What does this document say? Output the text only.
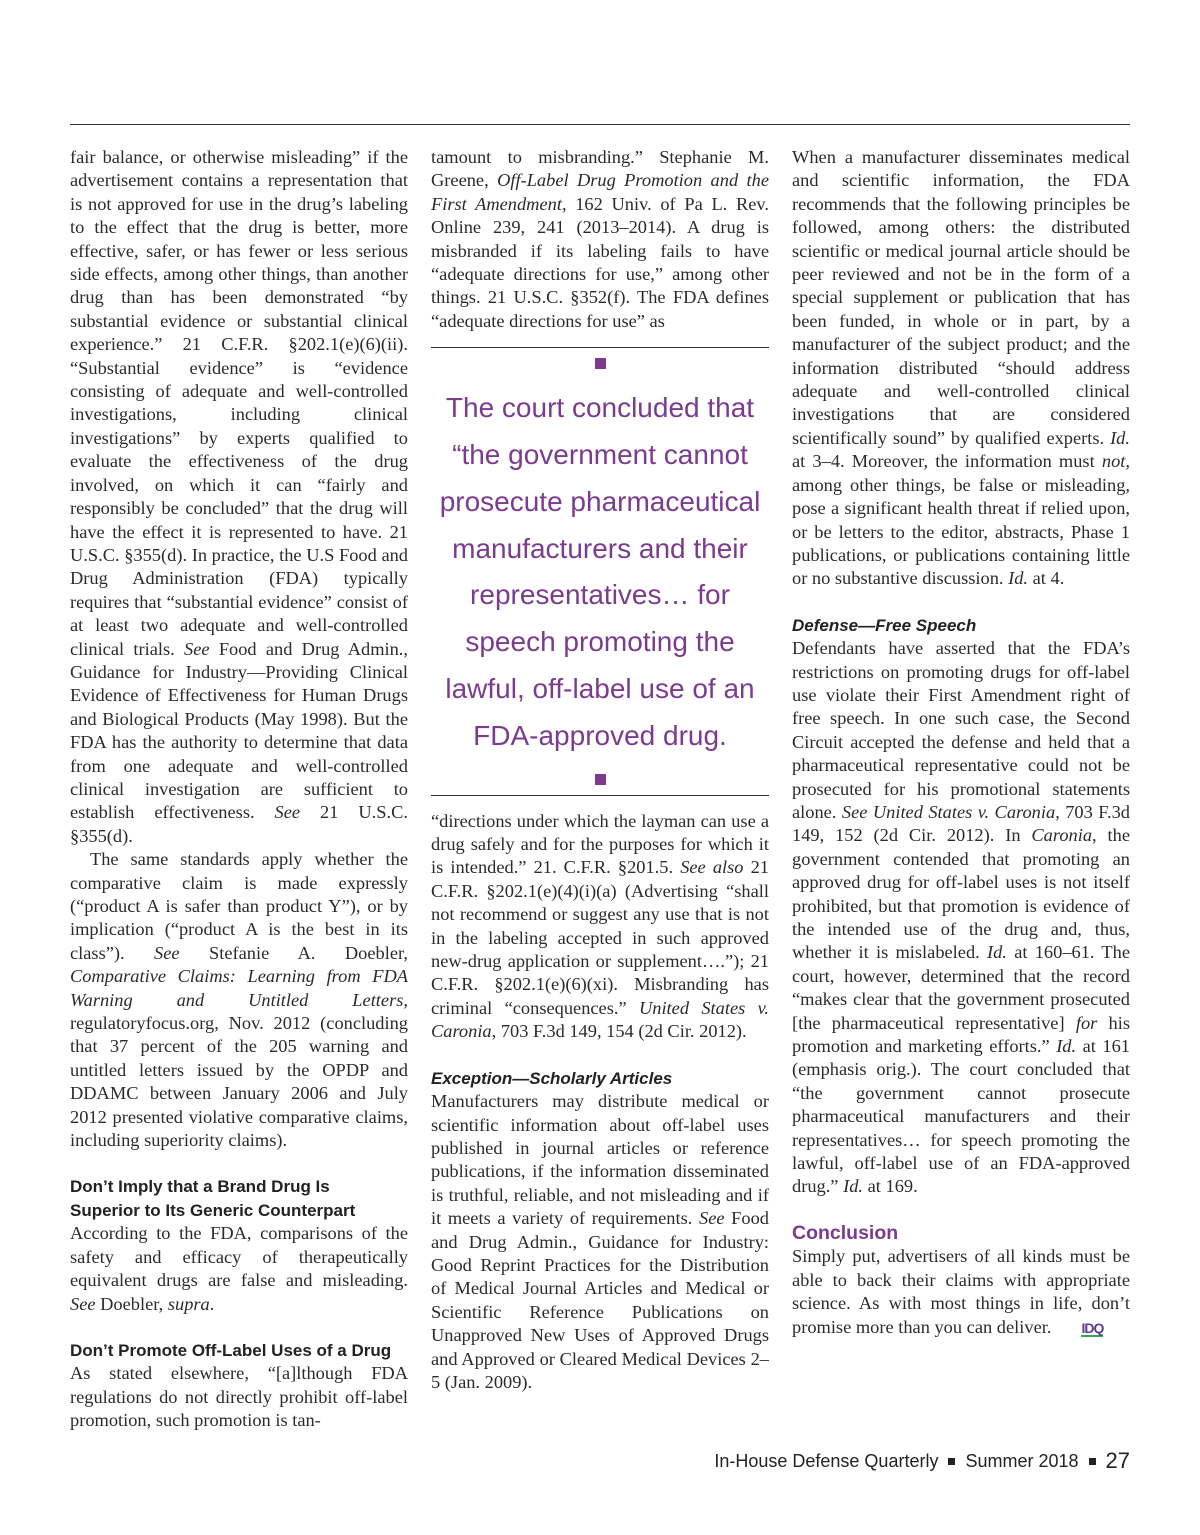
fair balance, or otherwise misleading” if the advertisement contains a representation that is not approved for use in the drug’s labeling to the effect that the drug is better, more effective, safer, or has fewer or less serious side effects, among other things, than another drug than has been demonstrated “by substantial evidence or substantial clinical experience.” 21 C.F.R. §202.1(e)(6)(ii). “Substantial evidence” is “evidence consisting of adequate and well-controlled investigations, including clinical investigations” by experts qualified to evaluate the effectiveness of the drug involved, on which it can “fairly and responsibly be concluded” that the drug will have the effect it is represented to have. 21 U.S.C. §355(d). In practice, the U.S Food and Drug Administration (FDA) typically requires that “substantial evidence” consist of at least two adequate and well-controlled clinical trials. See Food and Drug Admin., Guidance for Industry—Providing Clinical Evidence of Effectiveness for Human Drugs and Biological Products (May 1998). But the FDA has the authority to determine that data from one adequate and well-controlled clinical investigation are sufficient to establish effectiveness. See 21 U.S.C. §355(d).

The same standards apply whether the comparative claim is made expressly (“product A is safer than product Y”), or by implication (“product A is the best in its class”). See Stefanie A. Doebler, Comparative Claims: Learning from FDA Warning and Untitled Letters, regulatoryfocus.org, Nov. 2012 (concluding that 37 percent of the 205 warning and untitled letters issued by the OPDP and DDAMC between January 2006 and July 2012 presented violative comparative claims, including superiority claims).

Don’t Imply that a Brand Drug Is
Superior to Its Generic Counterpart

According to the FDA, comparisons of the safety and efficacy of therapeutically equivalent drugs are false and misleading. See Doebler, supra.

Don’t Promote Off-Label Uses of a Drug

As stated elsewhere, “[a]lthough FDA regulations do not directly prohibit off-label promotion, such promotion is tan-

tamount to misbranding.” Stephanie M. Greene, Off-Label Drug Promotion and the First Amendment, 162 Univ. of Pa L. Rev. Online 239, 241 (2013–2014). A drug is misbranded if its labeling fails to have “adequate directions for use,” among other things. 21 U.S.C. §352(f). The FDA defines “adequate directions for use” as

The court concluded that “the government cannot prosecute pharmaceutical manufacturers and their representatives… for speech promoting the lawful, off-label use of an FDA-approved drug.

“directions under which the layman can use a drug safely and for the purposes for which it is intended.” 21. C.F.R. §201.5. See also 21 C.F.R. §202.1(e)(4)(i)(a) (Advertising “shall not recommend or suggest any use that is not in the labeling accepted in such approved new-drug application or supplement….”); 21 C.F.R. §202.1(e)(6)(xi). Misbranding has criminal “consequences.” United States v. Caronia, 703 F.3d 149, 154 (2d Cir. 2012).

Exception—Scholarly Articles

Manufacturers may distribute medical or scientific information about off-label uses published in journal articles or reference publications, if the information disseminated is truthful, reliable, and not misleading and if it meets a variety of requirements. See Food and Drug Admin., Guidance for Industry: Good Reprint Practices for the Distribution of Medical Journal Articles and Medical or Scientific Reference Publications on Unapproved New Uses of Approved Drugs and Approved or Cleared Medical Devices 2–5 (Jan. 2009).

When a manufacturer disseminates medical and scientific information, the FDA recommends that the following principles be followed, among others: the distributed scientific or medical journal article should be peer reviewed and not be in the form of a special supplement or publication that has been funded, in whole or in part, by a manufacturer of the subject product; and the information distributed “should address adequate and well-controlled clinical investigations that are considered scientifically sound” by qualified experts. Id. at 3–4. Moreover, the information must not, among other things, be false or misleading, pose a significant health threat if relied upon, or be letters to the editor, abstracts, Phase 1 publications, or publications containing little or no substantive discussion. Id. at 4.

Defense—Free Speech

Defendants have asserted that the FDA’s restrictions on promoting drugs for off-label use violate their First Amendment right of free speech. In one such case, the Second Circuit accepted the defense and held that a pharmaceutical representative could not be prosecuted for his promotional statements alone. See United States v. Caronia, 703 F.3d 149, 152 (2d Cir. 2012). In Caronia, the government contended that promoting an approved drug for off-label uses is not itself prohibited, but that promotion is evidence of the intended use of the drug and, thus, whether it is mislabeled. Id. at 160–61. The court, however, determined that the record “makes clear that the government prosecuted [the pharmaceutical representative] for his promotion and marketing efforts.” Id. at 161 (emphasis orig.). The court concluded that “the government cannot prosecute pharmaceutical manufacturers and their representatives… for speech promoting the lawful, off-label use of an FDA-approved drug.” Id. at 169.

Conclusion

Simply put, advertisers of all kinds must be able to back their claims with appropriate science. As with most things in life, don’t promise more than you can deliver. IDQ

In-House Defense Quarterly Summer 2018 27
